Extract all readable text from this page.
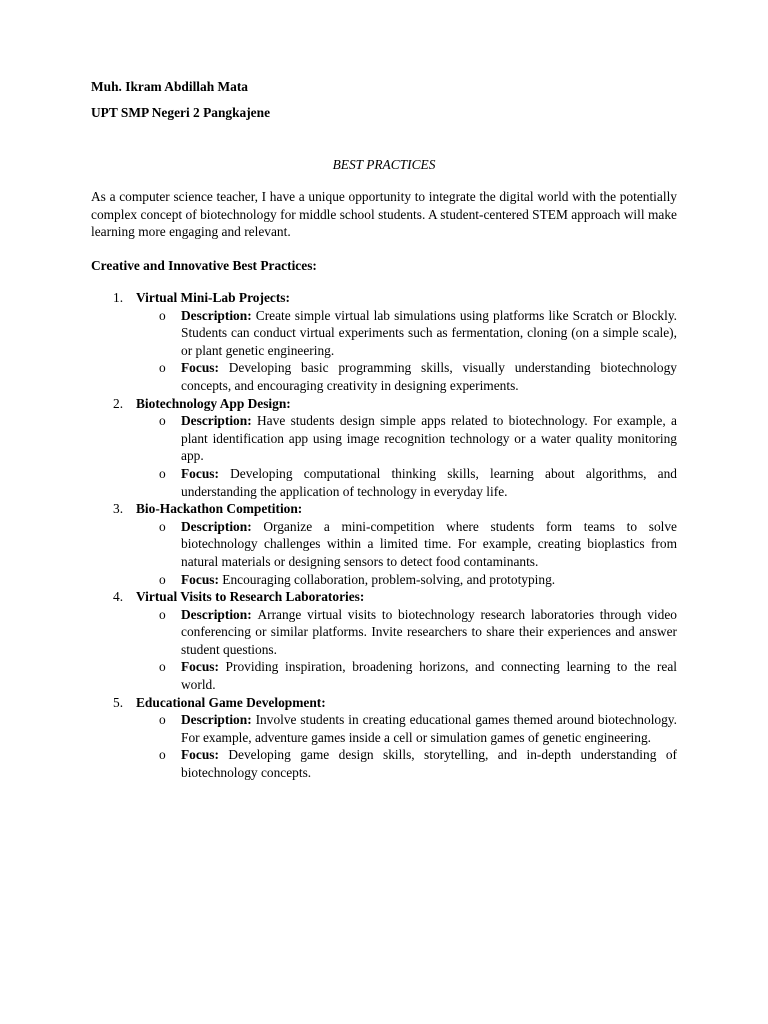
Muh. Ikram Abdillah Mata
UPT SMP Negeri 2 Pangkajene
BEST PRACTICES
As a computer science teacher, I have a unique opportunity to integrate the digital world with the potentially complex concept of biotechnology for middle school students. A student-centered STEM approach will make learning more engaging and relevant.
Creative and Innovative Best Practices:
1. Virtual Mini-Lab Projects:
o Description: Create simple virtual lab simulations using platforms like Scratch or Blockly. Students can conduct virtual experiments such as fermentation, cloning (on a simple scale), or plant genetic engineering.
o Focus: Developing basic programming skills, visually understanding biotechnology concepts, and encouraging creativity in designing experiments.
2. Biotechnology App Design:
o Description: Have students design simple apps related to biotechnology. For example, a plant identification app using image recognition technology or a water quality monitoring app.
o Focus: Developing computational thinking skills, learning about algorithms, and understanding the application of technology in everyday life.
3. Bio-Hackathon Competition:
o Description: Organize a mini-competition where students form teams to solve biotechnology challenges within a limited time. For example, creating bioplastics from natural materials or designing sensors to detect food contaminants.
o Focus: Encouraging collaboration, problem-solving, and prototyping.
4. Virtual Visits to Research Laboratories:
o Description: Arrange virtual visits to biotechnology research laboratories through video conferencing or similar platforms. Invite researchers to share their experiences and answer student questions.
o Focus: Providing inspiration, broadening horizons, and connecting learning to the real world.
5. Educational Game Development:
o Description: Involve students in creating educational games themed around biotechnology. For example, adventure games inside a cell or simulation games of genetic engineering.
o Focus: Developing game design skills, storytelling, and in-depth understanding of biotechnology concepts.
